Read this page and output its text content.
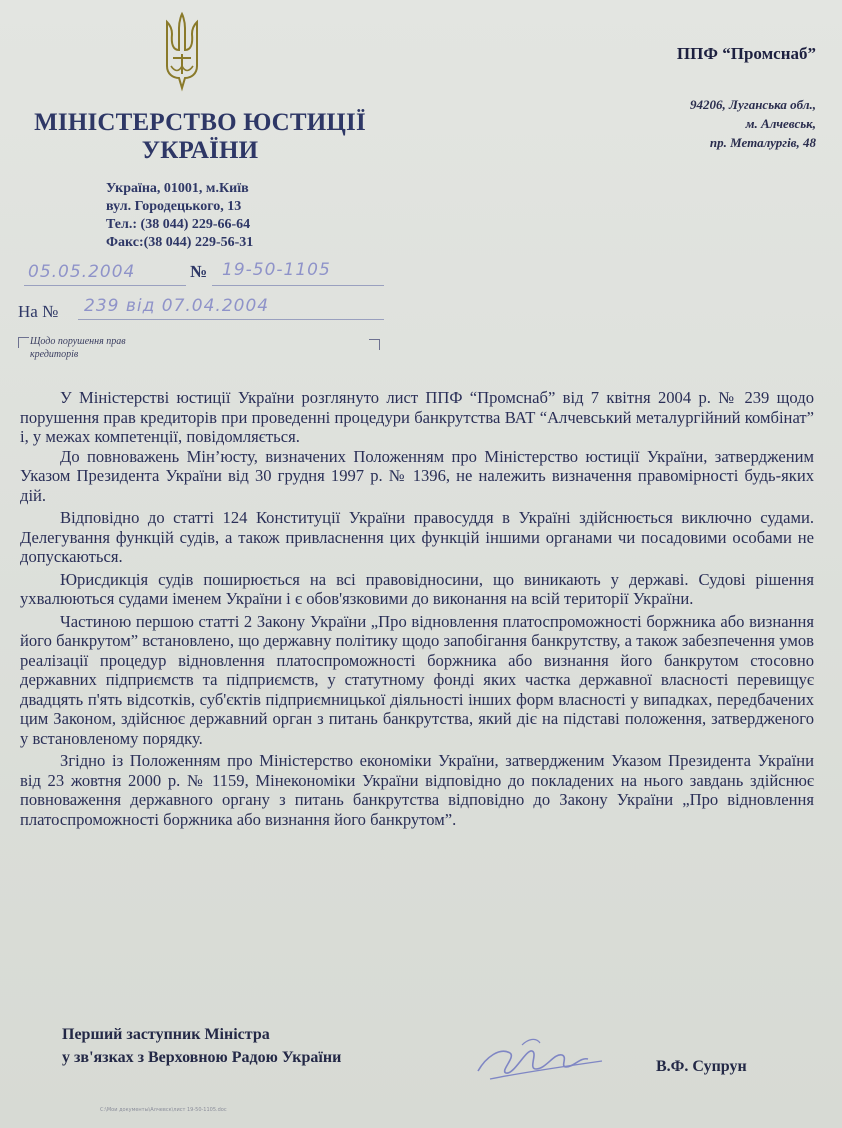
МІНІСТЕРСТВО ЮСТИЦІЇ
УКРАЇНИ
Україна, 01001, м.Київ
вул. Городецького, 13
Тел.: (38 044) 229-66-64
Факс:(38 044) 229-56-31
ППФ “Промснаб”
94206, Луганська обл.,
м. Алчевськ,
пр. Металургів, 48
05.05.2004	№ 19-50-1105
На № 239 від 07.04.2004
Щодо порушення прав
кредиторів

У Міністерстві юстиції України розглянуто лист ППФ “Промснаб” від 7 квітня 2004 р. № 239 щодо порушення прав кредиторів при проведенні процедури банкрутства ВАТ “Алчевський металургійний комбінат” і, у межах компетенції, повідомляється.

До повноважень Мін’юсту, визначених Положенням про Міністерство юстиції України, затвердженим Указом Президента України від 30 грудня 1997 р. № 1396, не належить визначення правомірності будь-яких дій.

Відповідно до статті 124 Конституції України правосуддя в Україні здійснюється виключно судами. Делегування функцій судів, а також привласнення цих функцій іншими органами чи посадовими особами не допускаються.

Юрисдикція судів поширюється на всі правовідносини, що виникають у державі. Судові рішення ухвалюються судами іменем України і є обов'язковими до виконання на всій території України.

Частиною першою статті 2 Закону України „Про відновлення платоспроможності боржника або визнання його банкрутом” встановлено, що державну політику щодо запобігання банкрутству, а також забезпечення умов реалізації процедур відновлення платоспроможності боржника або визнання його банкрутом стосовно державних підприємств та підприємств, у статутному фонді яких частка державної власності перевищує двадцять п'ять відсотків, суб'єктів підприємницької діяльності інших форм власності у випадках, передбачених цим Законом, здійснює державний орган з питань банкрутства, який діє на підставі положення, затвердженого у встановленому порядку.

Згідно із Положенням про Міністерство економіки України, затвердженим Указом Президента України від 23 жовтня 2000 р. № 1159, Мінекономіки України відповідно до покладених на нього завдань здійснює повноваження державного органу з питань банкрутства відповідно до Закону України „Про відновлення платоспроможності боржника або визнання його банкрутом”.

Перший заступник Міністра
у зв'язках з Верховною Радою України
В.Ф. Супрун
C:\Мои документы\Алчевск\лист 19-50-1105.doc
